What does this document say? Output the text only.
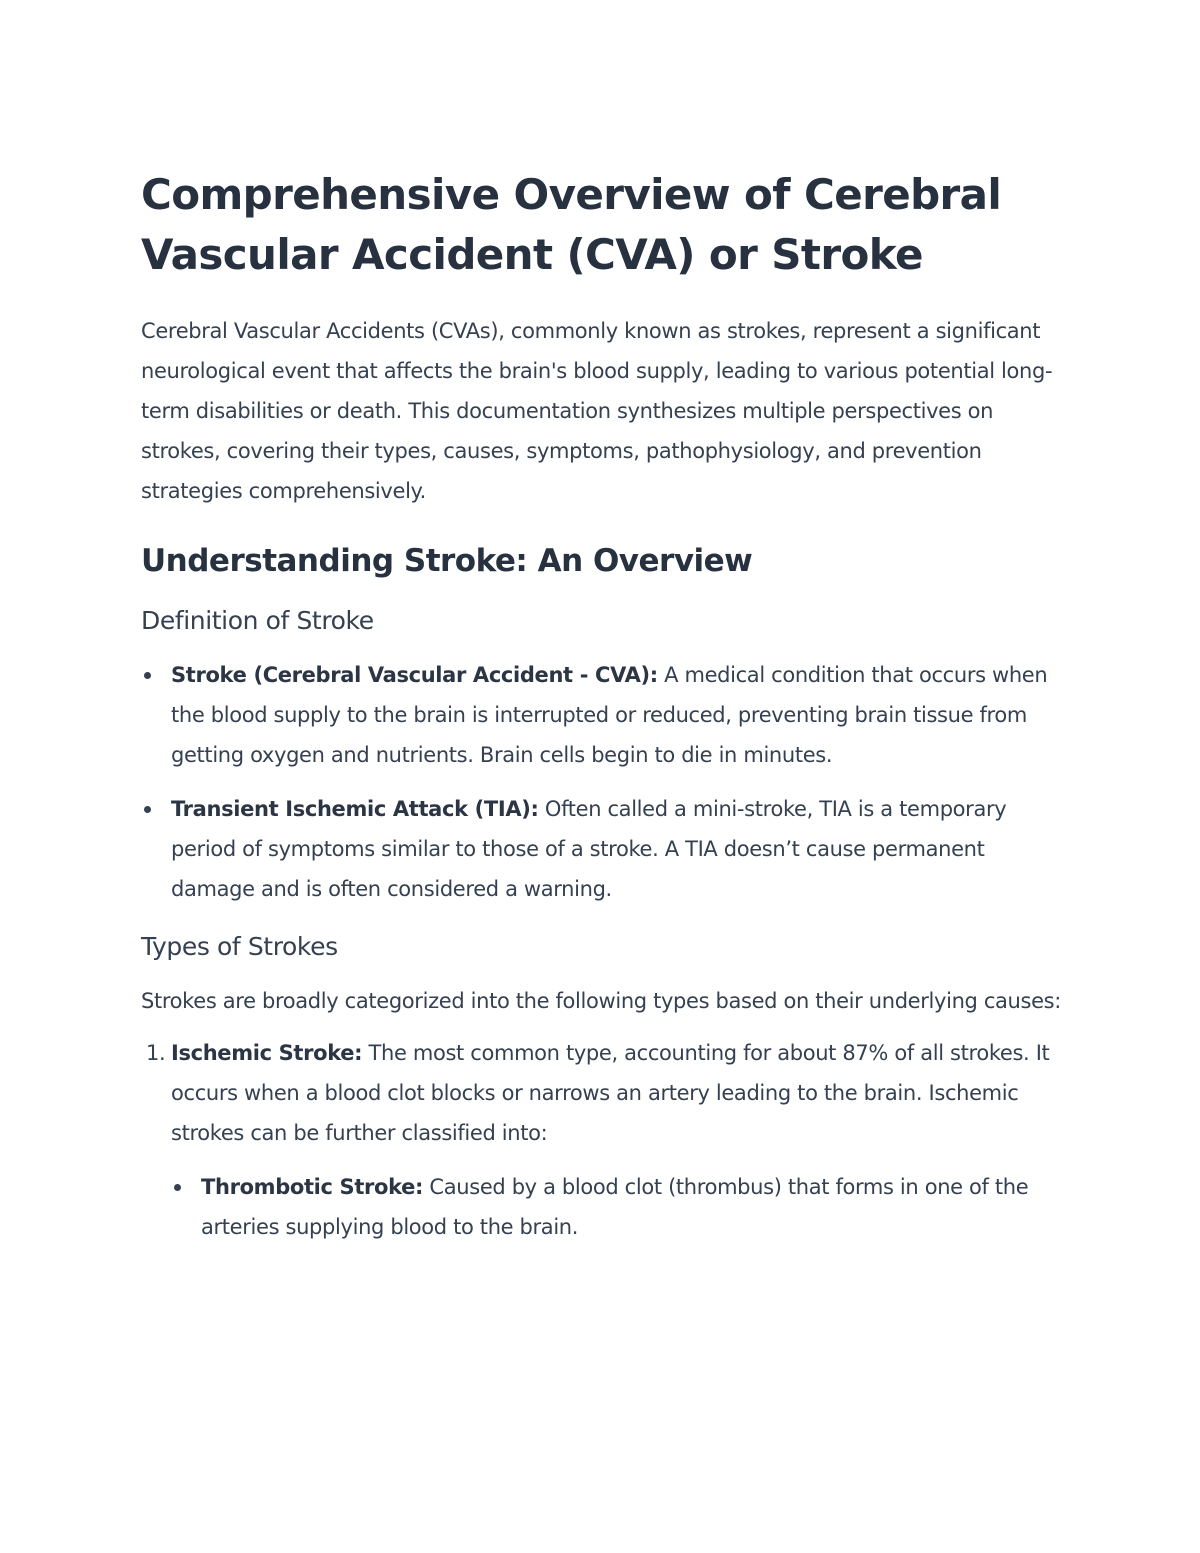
Comprehensive Overview of Cerebral Vascular Accident (CVA) or Stroke

Cerebral Vascular Accidents (CVAs), commonly known as strokes, represent a significant neurological event that affects the brain's blood supply, leading to various potential long-term disabilities or death. This documentation synthesizes multiple perspectives on strokes, covering their types, causes, symptoms, pathophysiology, and prevention strategies comprehensively.

Understanding Stroke: An Overview
Definition of Stroke
Stroke (Cerebral Vascular Accident - CVA): A medical condition that occurs when the blood supply to the brain is interrupted or reduced, preventing brain tissue from getting oxygen and nutrients. Brain cells begin to die in minutes.
Transient Ischemic Attack (TIA): Often called a mini-stroke, TIA is a temporary period of symptoms similar to those of a stroke. A TIA doesn’t cause permanent damage and is often considered a warning.
Types of Strokes

Strokes are broadly categorized into the following types based on their underlying causes:

1. Ischemic Stroke: The most common type, accounting for about 87% of all strokes. It occurs when a blood clot blocks or narrows an artery leading to the brain. Ischemic strokes can be further classified into:
Thrombotic Stroke: Caused by a blood clot (thrombus) that forms in one of the arteries supplying blood to the brain.
